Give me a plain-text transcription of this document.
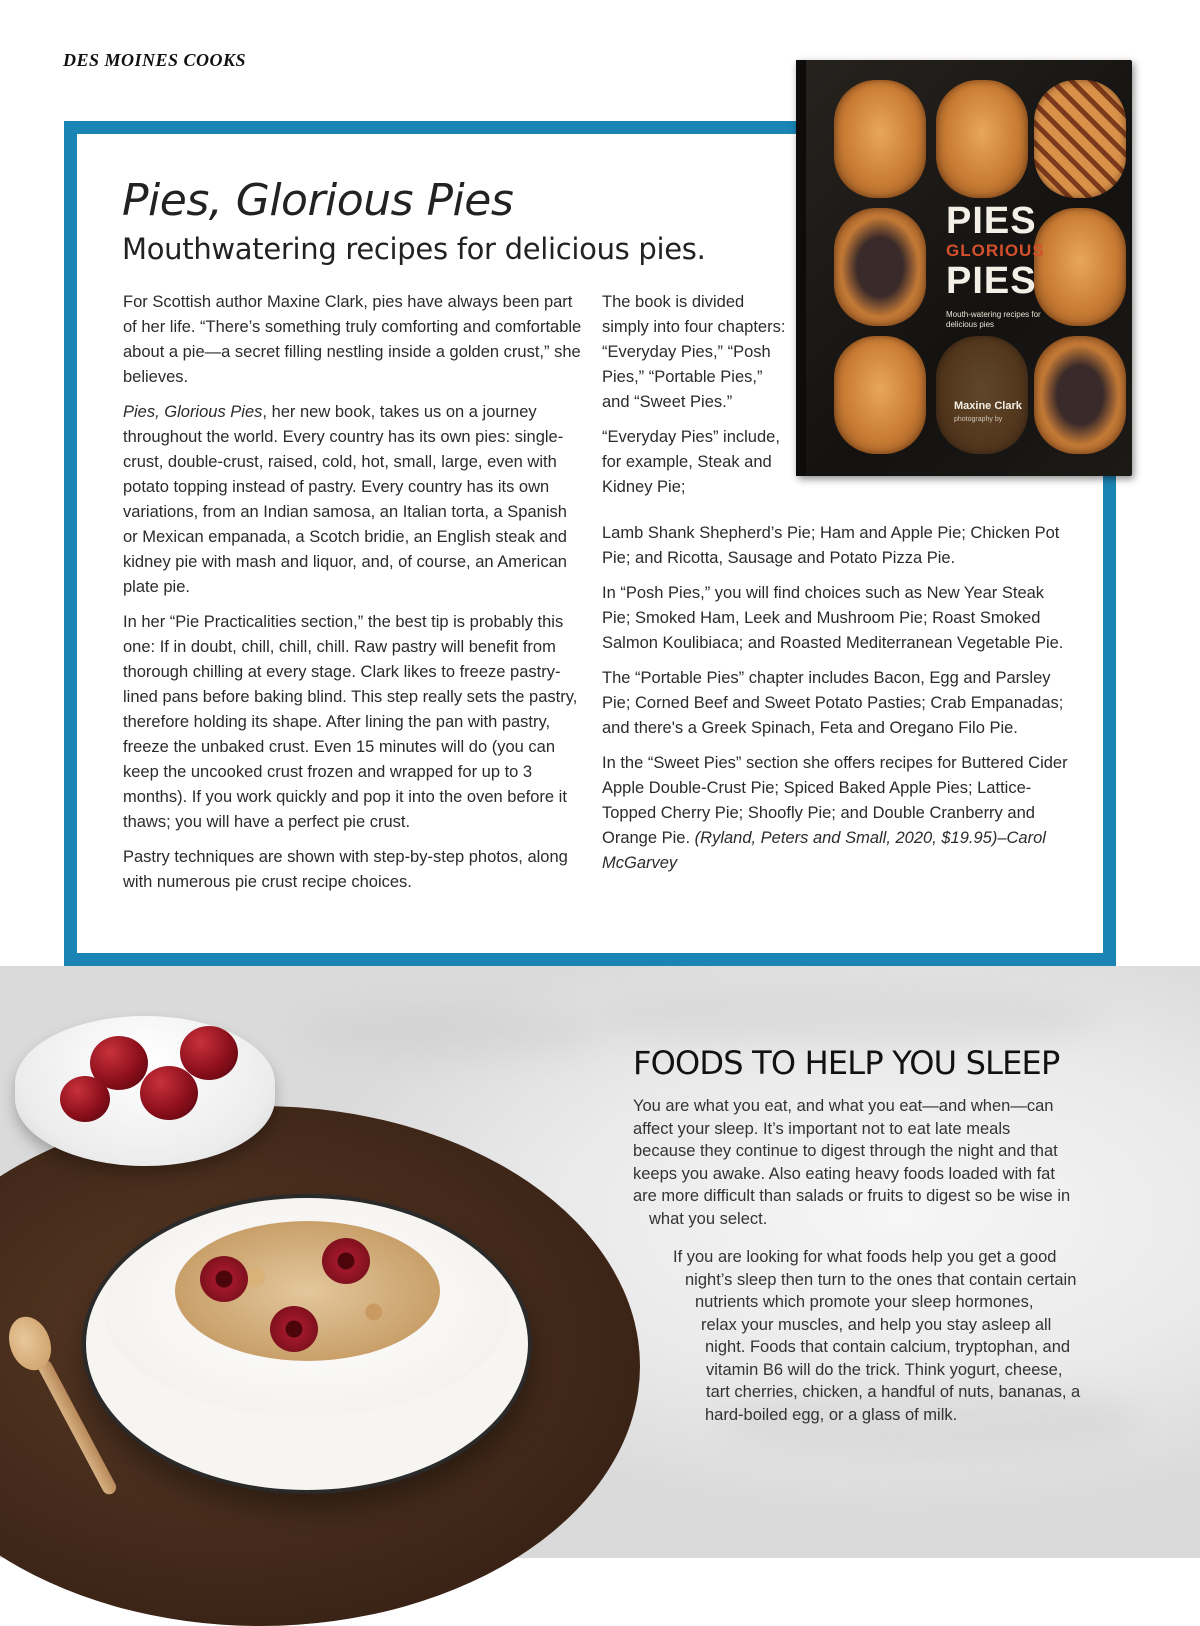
DES MOINES COOKS
Pies, Glorious Pies
Mouthwatering recipes for delicious pies.

For Scottish author Maxine Clark, pies have always been part of her life. “There’s something truly comforting and comfortable about a pie—a secret filling nestling inside a golden crust,” she believes.

Pies, Glorious Pies, her new book, takes us on a journey throughout the world. Every country has its own pies: single-crust, double-crust, raised, cold, hot, small, large, even with potato topping instead of pastry. Every country has its own variations, from an Indian samosa, an Italian torta, a Spanish or Mexican empanada, a Scotch bridie, an English steak and kidney pie with mash and liquor, and, of course, an American plate pie.

In her “Pie Practicalities section,” the best tip is probably this one: If in doubt, chill, chill, chill. Raw pastry will benefit from thorough chilling at every stage. Clark likes to freeze pastry-lined pans before baking blind. This step really sets the pastry, therefore holding its shape. After lining the pan with pastry, freeze the unbaked crust. Even 15 minutes will do (you can keep the uncooked crust frozen and wrapped for up to 3 months). If you work quickly and pop it into the oven before it thaws; you will have a perfect pie crust.

Pastry techniques are shown with step-by-step photos, along with numerous pie crust recipe choices.

The book is divided simply into four chapters: “Everyday Pies,” “Posh Pies,” “Portable Pies,” and “Sweet Pies.”

“Everyday Pies” include, for example, Steak and Kidney Pie;

Lamb Shank Shepherd’s Pie; Ham and Apple Pie; Chicken Pot Pie; and Ricotta, Sausage and Potato Pizza Pie.

In “Posh Pies,” you will find choices such as New Year Steak Pie; Smoked Ham, Leek and Mushroom Pie; Roast Smoked Salmon Koulibiaca; and Roasted Mediterranean Vegetable Pie.

The “Portable Pies” chapter includes Bacon, Egg and Parsley Pie; Corned Beef and Sweet Potato Pasties; Crab Empanadas; and there's a Greek Spinach, Feta and Oregano Filo Pie.

In the “Sweet Pies” section she offers recipes for Buttered Cider Apple Double-Crust Pie; Spiced Baked Apple Pies; Lattice-Topped Cherry Pie; Shoofly Pie; and Double Cranberry and Orange Pie. (Ryland, Peters and Small, 2020, $19.95)–Carol McGarvey

PIES
GLORIOUS
PIES
Mouth-watering recipes for delicious pies
Maxine Clark
photography by
FOODS TO HELP YOU SLEEP

You are what you eat, and what you eat—and when—can
affect your sleep. It’s important not to eat late meals
because they continue to digest through the night and that
keeps you awake. Also eating heavy foods loaded with fat
are more difficult than salads or fruits to digest so be wise in
what you select.

If you are looking for what foods help you get a good
night’s sleep then turn to the ones that contain certain
nutrients which promote your sleep hormones,
relax your muscles, and help you stay asleep all
night. Foods that contain calcium, tryptophan, and
vitamin B6 will do the trick. Think yogurt, cheese,
tart cherries, chicken, a handful of nuts, bananas, a
hard-boiled egg, or a glass of milk.
